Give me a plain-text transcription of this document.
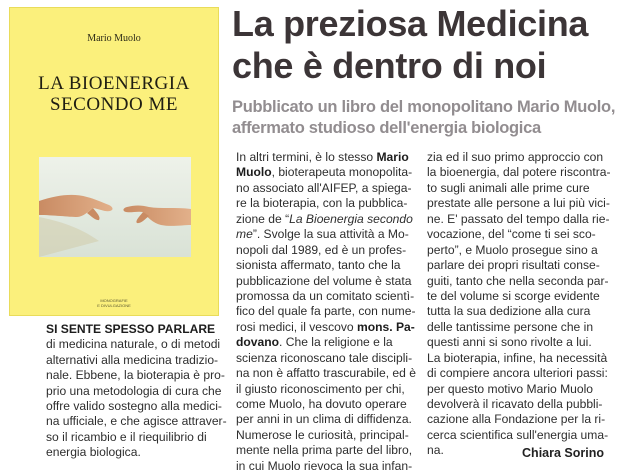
Mario Muolo
LA BIOENERGIA
SECONDO ME
MONOGRAFIE
E DIVULGAZIONE

SI SENTE SPESSO PARLARE

di medicina naturale, o di metodi

alternativi alla medicina tradizio-

nale. Ebbene, la bioterapia è pro-

prio una metodologia di cura che

offre valido sostegno alla medici-

na ufficiale, e che agisce attraver-

so il ricambio e il riequilibrio di

energia biologica.

La preziosa Medicina
che è dentro di noi
Pubblicato un libro del monopolitano Mario Muolo,
affermato studioso dell'energia biologica
In altri termini, è lo stesso Mario
Muolo, bioterapeuta monopolita-
no associato all'AIFEP, a spiega-
re la bioterapia, con la pubblica-
zione de “La Bioenergia secondo
me”. Svolge la sua attività a Mo-
nopoli dal 1989, ed è un profes-
sionista affermato, tanto che la
pubblicazione del volume è stata
promossa da un comitato scientì-
fico del quale fa parte, con nume-
rosi medici, il vescovo mons. Pa-
dovano. Che la religione e la
scienza riconoscano tale discipli-
na non è affatto trascurabile, ed è
il giusto riconoscimento per chi,
come Muolo, ha dovuto operare
per anni in un clima di diffidenza.
Numerose le curiosità, principal-
mente nella prima parte del libro,
in cui Muolo rievoca la sua infan-
zia ed il suo primo approccio con
la bioenergia, dal potere riscontra-
to sugli animali alle prime cure
prestate alle persone a lui più vici-
ne. E' passato del tempo dalla rie-
vocazione, del “come ti sei sco-
perto”, e Muolo prosegue sino a
parlare dei propri risultati conse-
guiti, tanto che nella seconda par-
te del volume si scorge evidente
tutta la sua dedizione alla cura
delle tantissime persone che in
questi anni si sono rivolte a lui.
La bioterapia, infine, ha necessità
di compiere ancora ulteriori passi:
per questo motivo Mario Muolo
devolverà il ricavato della pubbli-
cazione alla Fondazione per la ri-
cerca scientifica sull'energia uma-
na.	Chiara Sorino
